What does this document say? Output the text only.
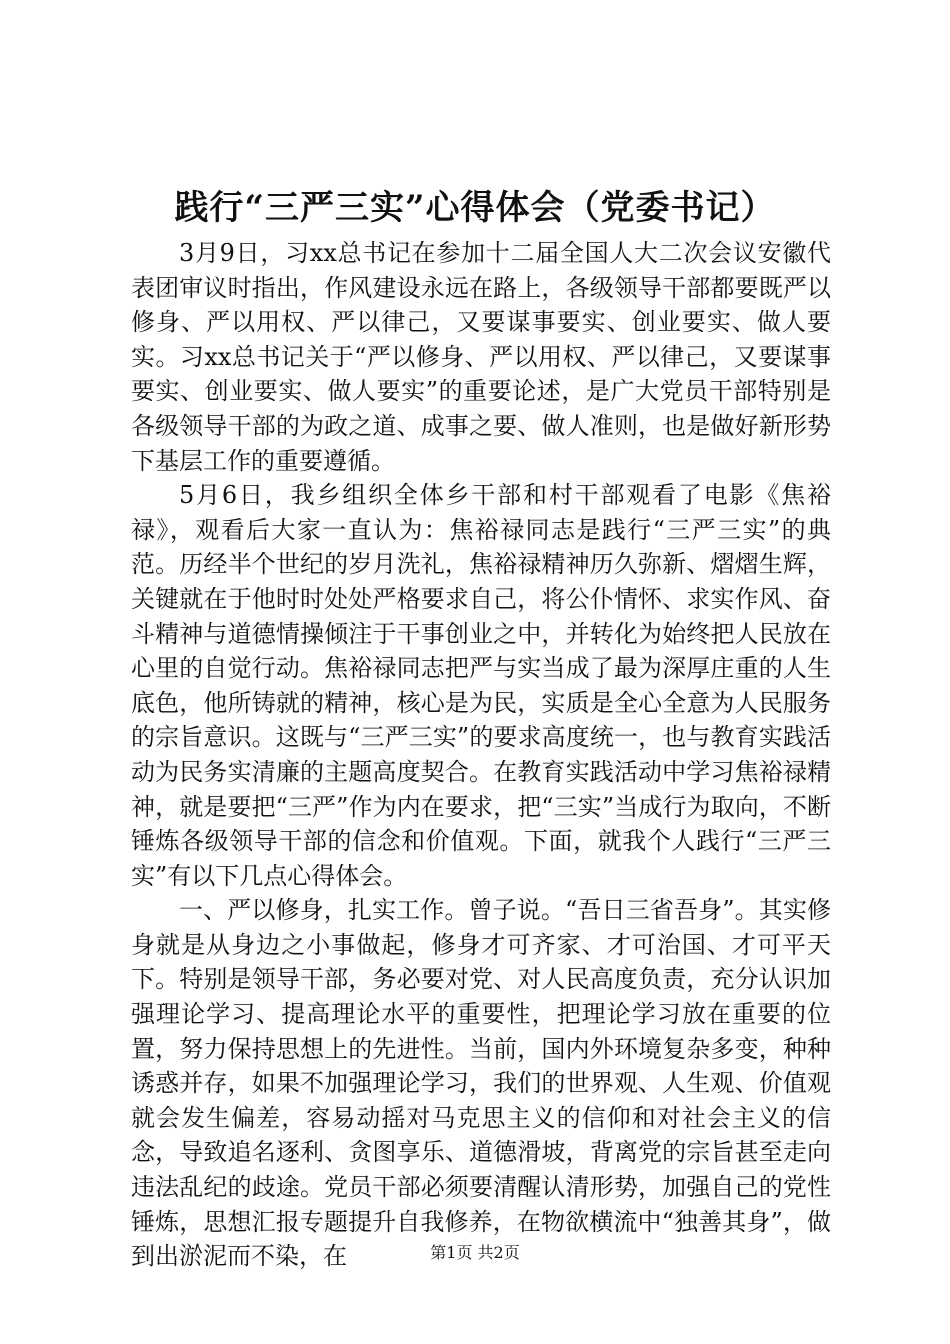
践行“三严三实”心得体会（党委书记）

3月9日，习xx总书记在参加十二届全国人大二次会议安徽代表团审议时指出，作风建设永远在路上，各级领导干部都要既严以修身、严以用权、严以律己，又要谋事要实、创业要实、做人要实。习xx总书记关于“严以修身、严以用权、严以律己，又要谋事要实、创业要实、做人要实”的重要论述，是广大党员干部特别是各级领导干部的为政之道、成事之要、做人准则，也是做好新形势下基层工作的重要遵循。

5月6日，我乡组织全体乡干部和村干部观看了电影《焦裕禄》，观看后大家一直认为：焦裕禄同志是践行“三严三实”的典范。历经半个世纪的岁月洗礼，焦裕禄精神历久弥新、熠熠生辉，关键就在于他时时处处严格要求自己，将公仆情怀、求实作风、奋斗精神与道德情操倾注于干事创业之中，并转化为始终把人民放在心里的自觉行动。焦裕禄同志把严与实当成了最为深厚庄重的人生底色，他所铸就的精神，核心是为民，实质是全心全意为人民服务的宗旨意识。这既与“三严三实”的要求高度统一，也与教育实践活动为民务实清廉的主题高度契合。在教育实践活动中学习焦裕禄精神，就是要把“三严”作为内在要求，把“三实”当成行为取向，不断锤炼各级领导干部的信念和价值观。下面，就我个人践行“三严三实”有以下几点心得体会。

一、严以修身，扎实工作。曾子说。“吾日三省吾身”。其实修身就是从身边之小事做起，修身才可齐家、才可治国、才可平天下。特别是领导干部，务必要对党、对人民高度负责，充分认识加强理论学习、提高理论水平的重要性，把理论学习放在重要的位置，努力保持思想上的先进性。当前，国内外环境复杂多变，种种诱惑并存，如果不加强理论学习，我们的世界观、人生观、价值观就会发生偏差，容易动摇对马克思主义的信仰和对社会主义的信念，导致追名逐利、贪图享乐、道德滑坡，背离党的宗旨甚至走向违法乱纪的歧途。党员干部必须要清醒认清形势，加强自己的党性锤炼，思想汇报专题提升自我修养，在物欲横流中“独善其身”，做到出淤泥而不染，在	第1页 共2页
